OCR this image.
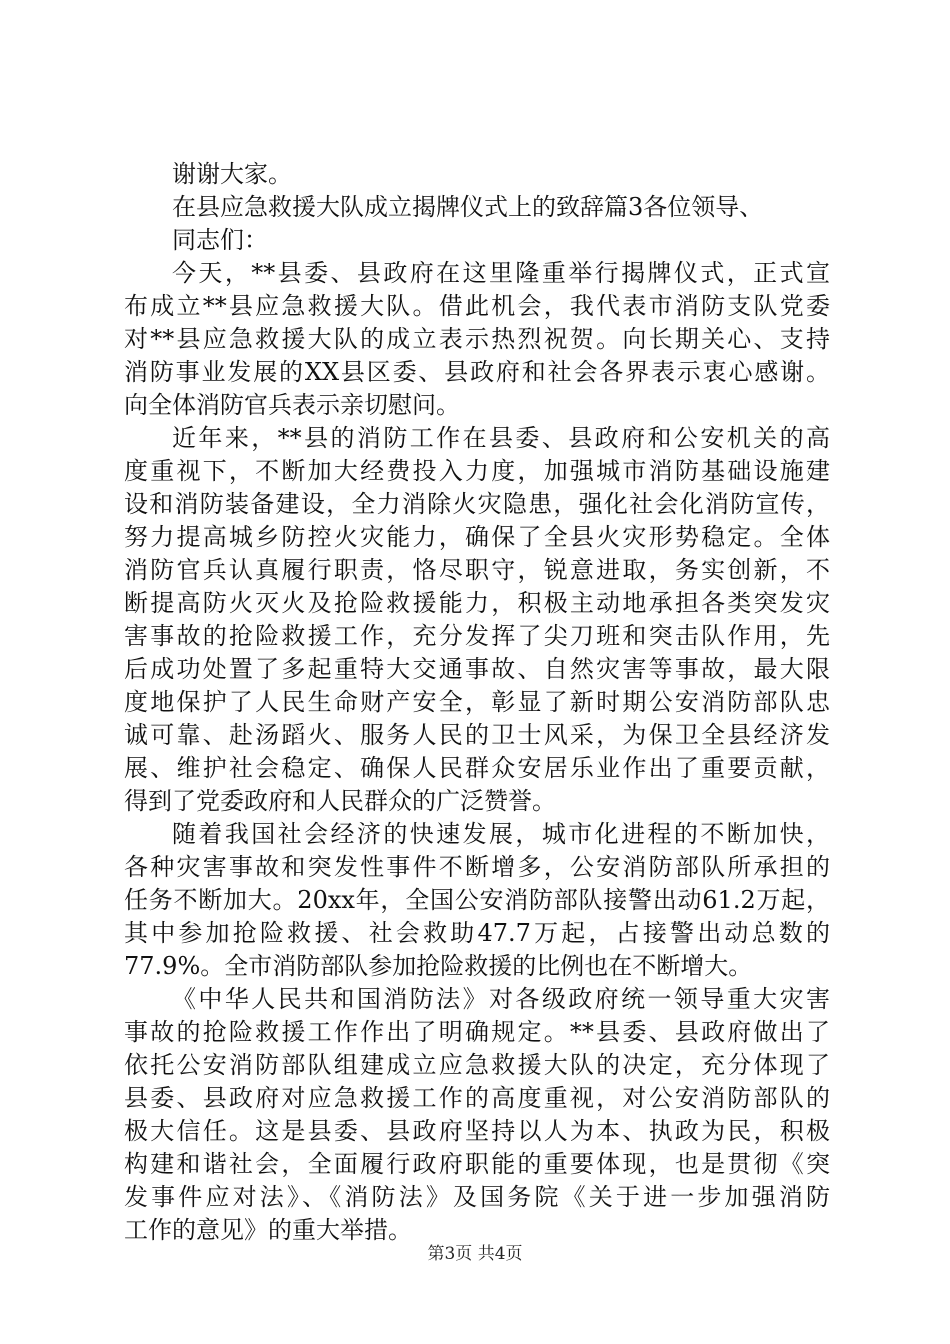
谢谢大家。
在县应急救援大队成立揭牌仪式上的致辞篇3各位领导、
同志们：
今天，**县委、县政府在这里隆重举行揭牌仪式，正式宣
布成立**县应急救援大队。借此机会，我代表市消防支队党委
对**县应急救援大队的成立表示热烈祝贺。向长期关心、支持
消防事业发展的XX县区委、县政府和社会各界表示衷心感谢。
向全体消防官兵表示亲切慰问。
近年来，**县的消防工作在县委、县政府和公安机关的高
度重视下，不断加大经费投入力度，加强城市消防基础设施建
设和消防装备建设，全力消除火灾隐患，强化社会化消防宣传，
努力提高城乡防控火灾能力，确保了全县火灾形势稳定。全体
消防官兵认真履行职责，恪尽职守，锐意进取，务实创新，不
断提高防火灭火及抢险救援能力，积极主动地承担各类突发灾
害事故的抢险救援工作，充分发挥了尖刀班和突击队作用，先
后成功处置了多起重特大交通事故、自然灾害等事故，最大限
度地保护了人民生命财产安全，彰显了新时期公安消防部队忠
诚可靠、赴汤蹈火、服务人民的卫士风采，为保卫全县经济发
展、维护社会稳定、确保人民群众安居乐业作出了重要贡献，
得到了党委政府和人民群众的广泛赞誉。
随着我国社会经济的快速发展，城市化进程的不断加快，
各种灾害事故和突发性事件不断增多，公安消防部队所承担的
任务不断加大。20xx年，全国公安消防部队接警出动61.2万起，
其中参加抢险救援、社会救助47.7万起，占接警出动总数的
77.9%。全市消防部队参加抢险救援的比例也在不断增大。
《中华人民共和国消防法》对各级政府统一领导重大灾害
事故的抢险救援工作作出了明确规定。**县委、县政府做出了
依托公安消防部队组建成立应急救援大队的决定，充分体现了
县委、县政府对应急救援工作的高度重视，对公安消防部队的
极大信任。这是县委、县政府坚持以人为本、执政为民，积极
构建和谐社会，全面履行政府职能的重要体现，也是贯彻《突
发事件应对法》、《消防法》及国务院《关于进一步加强消防
工作的意见》的重大举措。
第3页 共4页
